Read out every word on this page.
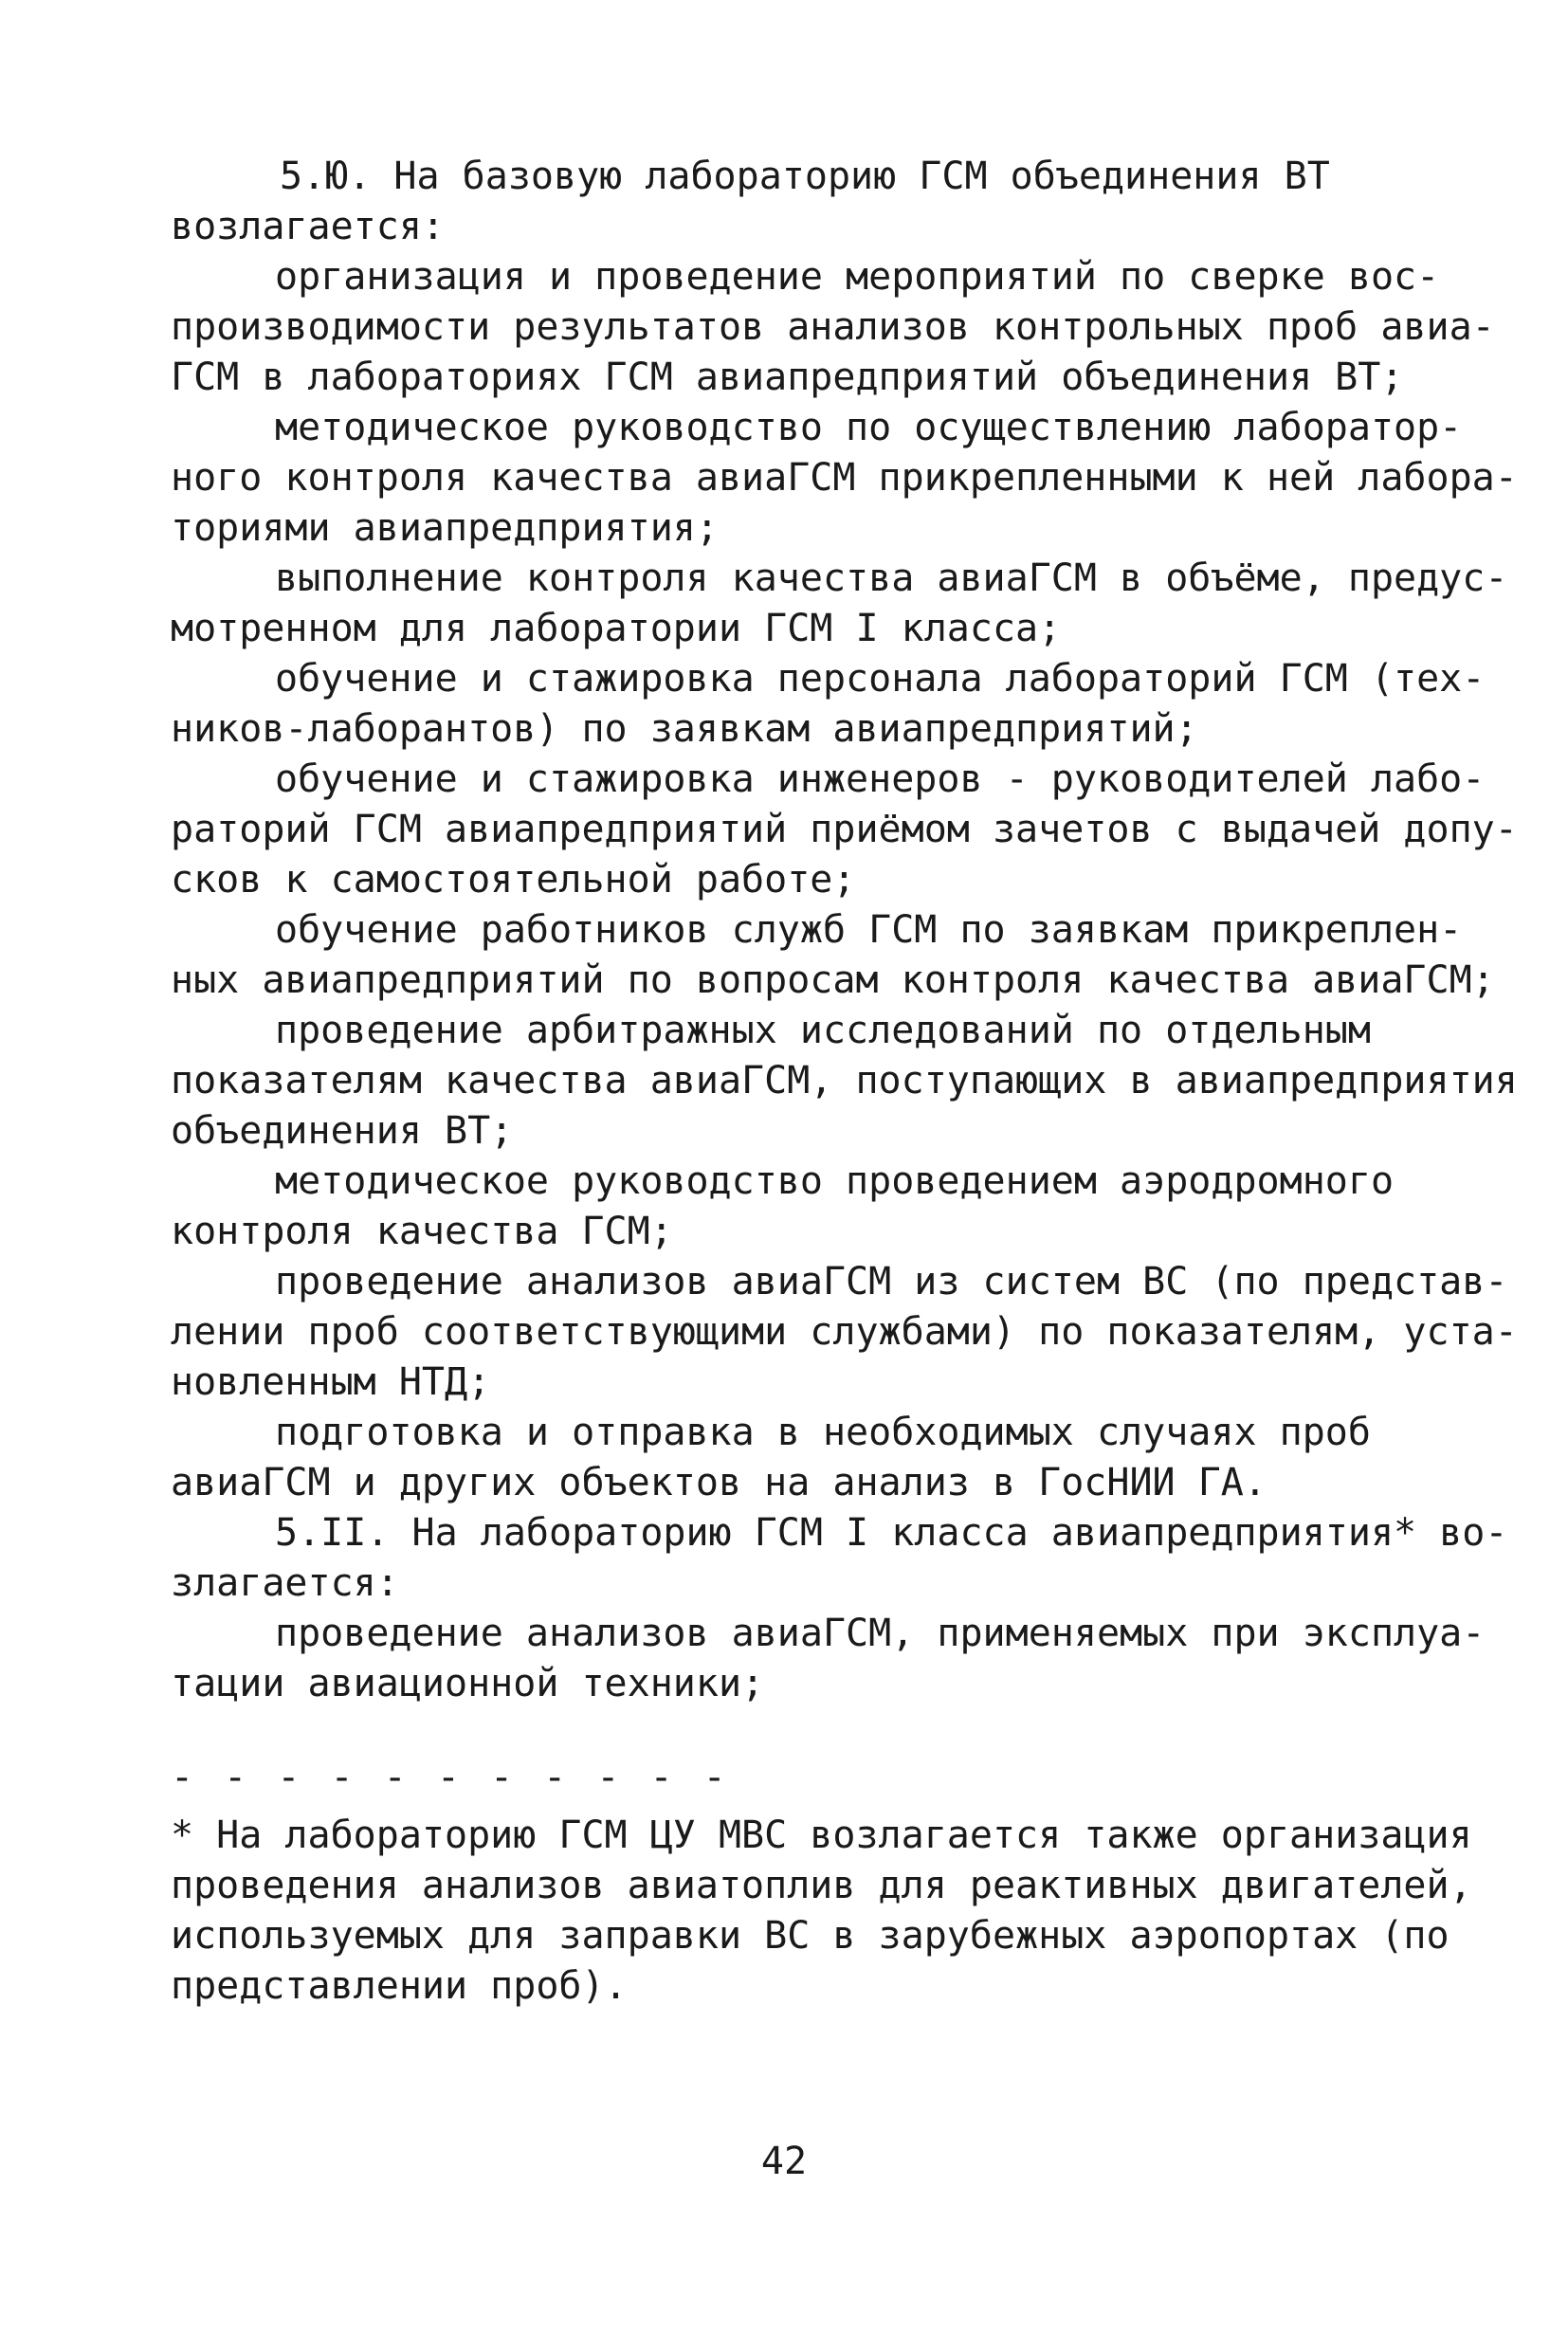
5.Ю. На базовую лабораторию ГСМ объединения ВТ
возлагается:
организация и проведение мероприятий по сверке вос-
производимости результатов анализов контрольных проб авиа-
ГСМ в лабораториях ГСМ авиапредприятий объединения ВТ;
методическое руководство по осуществлению лаборатор-
ного контроля качества авиаГСМ прикрепленными к ней лабора-
ториями авиапредприятия;
выполнение контроля качества авиаГСМ в объёме, предус-
мотренном для лаборатории ГСМ I класса;
обучение и стажировка персонала лабораторий ГСМ (тех-
ников-лаборантов) по заявкам авиапредприятий;
обучение и стажировка инженеров - руководителей лабо-
раторий ГСМ авиапредприятий приёмом зачетов с выдачей допу-
сков к самостоятельной работе;
обучение работников служб ГСМ по заявкам прикреплен-
ных авиапредприятий по вопросам контроля качества авиаГСМ;
проведение арбитражных исследований по отдельным
показателям качества авиаГСМ, поступающих в авиапредприятия
объединения ВТ;
методическое руководство проведением аэродромного
контроля качества ГСМ;
проведение анализов авиаГСМ из систем ВС (по представ-
лении проб соответствующими службами) по показателям, уста-
новленным НТД;
подготовка и отправка в необходимых случаях проб
авиаГСМ и других объектов на анализ в ГосНИИ ГА.
5.II. На лабораторию ГСМ I класса авиапредприятия* во-
злагается:
проведение анализов авиаГСМ, применяемых при эксплуа-
тации авиационной техники;
- - - - - - - - - - -
* На лабораторию ГСМ ЦУ МВС возлагается также организация
проведения анализов авиатоплив для реактивных двигателей,
используемых для заправки ВС в зарубежных аэропортах (по
представлении проб).
42
